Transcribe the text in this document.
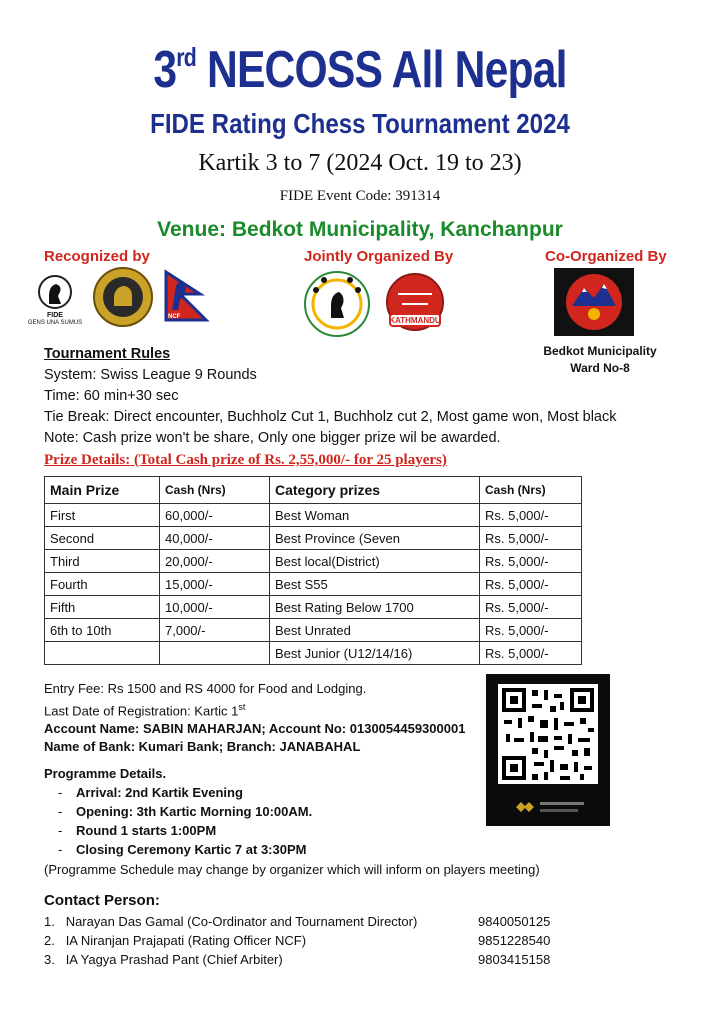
3rd NECOSS All Nepal
FIDE Rating Chess Tournament 2024
Kartik 3 to 7 (2024 Oct. 19 to 23)
FIDE Event Code: 391314
Venue: Bedkot Municipality, Kanchanpur
Recognized by	Jointly Organized By	Co-Organized By
FIDE
GENS UNA SUMUS
NCF	KATHMANDU
Bedkot Municipality
Ward No-8
Tournament Rules
System: Swiss League 9 Rounds
Time: 60 min+30 sec
Tie Break: Direct encounter, Buchholz Cut 1, Buchholz cut 2, Most game won, Most black
Note: Cash prize won't be share, Only one bigger prize wil be awarded.
Prize Details: (Total Cash prize of Rs. 2,55,000/- for 25 players)
Main Prize	Cash (Nrs)	Category prizes	Cash (Nrs)
First	60,000/-	Best Woman	Rs. 5,000/-
Second	40,000/-	Best Province (Seven	Rs. 5,000/-
Third	20,000/-	Best local(District)	Rs. 5,000/-
Fourth	15,000/-	Best S55	Rs. 5,000/-
Fifth	10,000/-	Best Rating Below 1700	Rs. 5,000/-
6th to 10th	7,000/-	Best Unrated	Rs. 5,000/-
		Best Junior (U12/14/16)	Rs. 5,000/-
Entry Fee: Rs 1500 and RS 4000 for Food and Lodging.
Last Date of Registration: Kartic 1st
Account Name: SABIN MAHARJAN; Account No: 0130054459300001
Name of Bank: Kumari Bank; Branch: JANABAHAL
Programme Details.
- Arrival: 2nd Kartik Evening
- Opening: 3th Kartic Morning 10:00AM.
- Round 1 starts 1:00PM
- Closing Ceremony Kartic 7 at 3:30PM
(Programme Schedule may change by organizer which will inform on players meeting)
Contact Person:
1. Narayan Das Gamal (Co-Ordinator and Tournament Director)	9840050125
2. IA Niranjan Prajapati (Rating Officer NCF)	9851228540
3. IA Yagya Prashad Pant (Chief Arbiter)	9803415158
